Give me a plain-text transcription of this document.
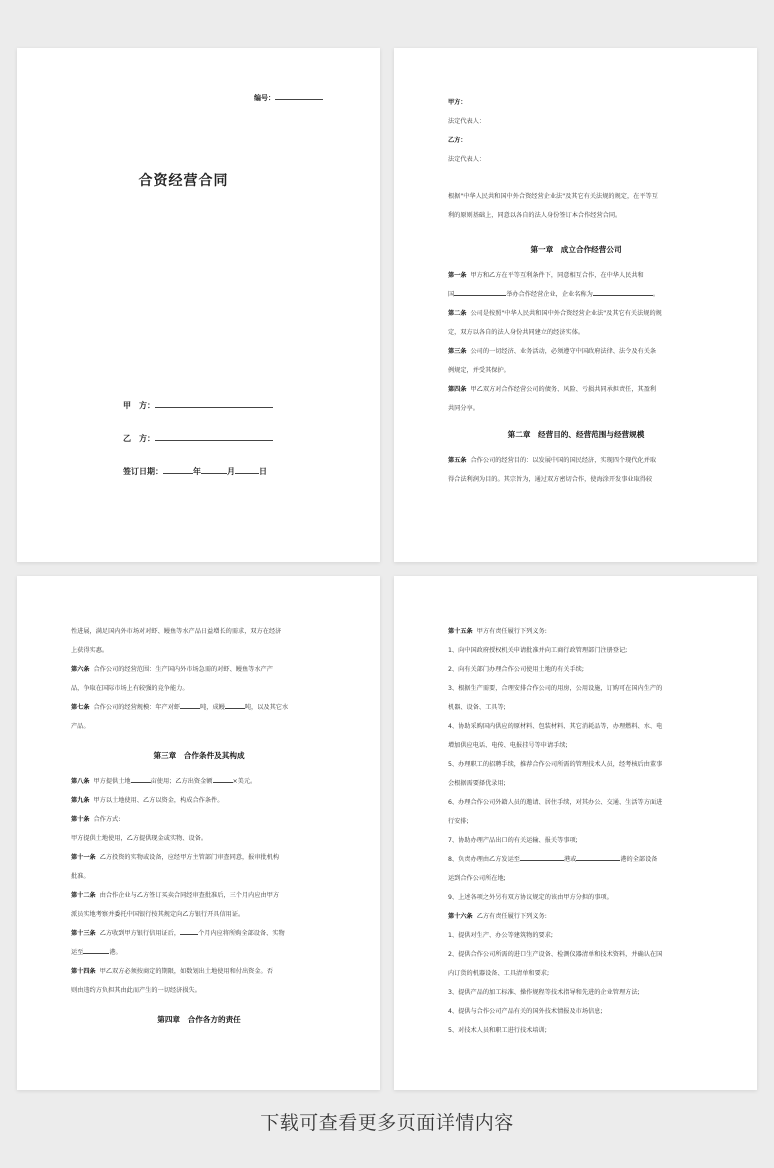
编号：
合资经营合同
甲　方：
乙　方：
签订日期：	年	月	日

甲方：

法定代表人：

乙方：

法定代表人：

根据"中华人民共和国中外合资经营企业法"及其它有关法规的规定，在平等互

利的原则基础上，同意以各自的法人身份签订本合作经营合同。

第一章　成立合作经营公司

第一条 甲方和乙方在平等互利条件下，同意相互合作，在中华人民共和

国	举办合作经营企业，企业名称为	。

第二条 公司是按照"中华人民共和国中外合资经营企业法"及其它有关法规的规

定，双方以各自的法人身份共同建立的经济实体。

第三条 公司的一切经济、业务活动，必须遵守中国政府法律、法令及有关条

例规定，并受其保护。

第四条 甲乙双方对合作经营公司的债务、风险、亏损共同承担责任，其盈利

共同分享。

第二章　经营目的、经营范围与经营规模

第五条 合作公司的经营目的：以发展中国的国民经济，实现四个现代化并取

得合法利润为目的。其宗旨为，通过双方密切合作，使海涂开发事业取得较

性进展，满足国内外市场对对虾、鳗鱼等水产品日益增长的需求，双方在经济

上获得实惠。

第六条 合作公司的经营范围：生产国内外市场急需的对虾、鳗鱼等水产产

品，争取在国际市场上有较强的竞争能力。

第七条 合作公司的经营规模：年产对虾	吨，成鳗	吨，以及其它水

产品。

第三章　合作条件及其构成

第八条 甲方提供土地	亩使用；乙方出资金额	×美元。

第九条 甲方以土地使用、乙方以资金，构成合作条件。

第十条 合作方式:

甲方提供土地使用，乙方提供现金或实物、设备。

第十一条 乙方投资的实物或设备，应经甲方主管部门审查同意，报审批机构

批准。

第十二条 由合作企业与乙方签订买卖合同经审查批准后，三个月内应由甲方

派员实地考察并委托中国银行按其规定向乙方银行开具信用证。

第十三条 乙方收到甲方银行信用证后，	个月内应将所购全部设备、实物

运至	港。

第十四条 甲乙双方必须按商定的期限，如数划出土地使用和付出资金。否

则由违约方负担其由此而产生的一切经济损失。

第四章　合作各方的责任

第十五条 甲方有责任履行下列义务:

1、向中国政府授权机关申请批准并向工商行政管理部门注册登记;

2、向有关部门办理合作公司使用土地的有关手续;

3、根据生产需要，合理安排合作公司的用房，公用设施，订购可在国内生产的

机器、设备、工具等;

4、协助采购国内供应的原材料、包装材料、其它消耗品等，办理燃料、水、电

增加供应电话、电传、电报挂号等申请手续;

5、办理职工的招聘手续，推荐合作公司所需的管理技术人员，经考核后由董事

会根据需要择优录用;

6、办理合作公司外籍人员的邀请、居住手续，对其办公、交通、生活等方面进

行安排;

7、协助办理产品出口的有关运输、报关等事项;

8、负责办理由乙方发运至	港或	港的全部设备

运到合作公司所在地;

9、上述各项之外另有双方协议规定的该由甲方分担的事项。

第十六条 乙方有责任履行下列义务:

1、提供对生产、办公等建筑物的要求;

2、提供合作公司所需的进口生产设备、检测仪器清单和技术资料，并确认在国

内订货的机器设备、工具清单和要求;

3、提供产品的加工标准、操作规程等技术指导和先进的企业管理方法;

4、提供与合作公司产品有关的国外技术情报及市场信息;

5、对技术人员和职工进行技术培训;

下载可查看更多页面详情内容
